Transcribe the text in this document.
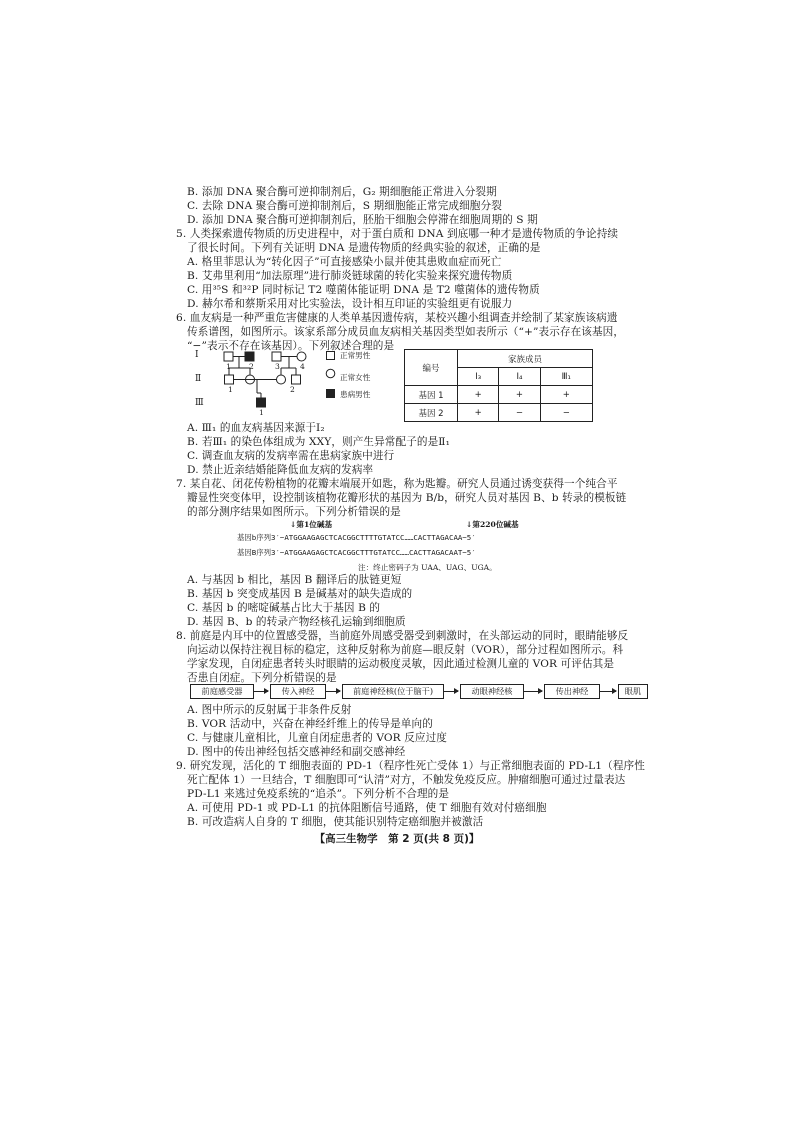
B. 添加 DNA 聚合酶可逆抑制剂后，G₂ 期细胞能正常进入分裂期
C. 去除 DNA 聚合酶可逆抑制剂后，S 期细胞能正常完成细胞分裂
D. 添加 DNA 聚合酶可逆抑制剂后，胚胎干细胞会停滞在细胞周期的 S 期
5. 人类探索遗传物质的历史进程中，对于蛋白质和 DNA 到底哪一种才是遗传物质的争论持续
了很长时间。下列有关证明 DNA 是遗传物质的经典实验的叙述，正确的是
A. 格里菲思认为“转化因子”可直接感染小鼠并使其患败血症而死亡
B. 艾弗里利用“加法原理”进行肺炎链球菌的转化实验来探究遗传物质
C. 用³⁵S 和³²P 同时标记 T2 噬菌体能证明 DNA 是 T2 噬菌体的遗传物质
D. 赫尔希和蔡斯采用对比实验法，设计相互印证的实验组更有说服力
6. 血友病是一种严重危害健康的人类单基因遗传病，某校兴趣小组调查并绘制了某家族该病遗
传系谱图，如图所示。该家系部分成员血友病相关基因类型如表所示（“+”表示存在该基因，
“−”表示不存在该基因）。下列叙述合理的是
Ⅰ
Ⅱ
Ⅲ
1 2	3	4
1	2
1
正常男性
正常女性
患病男性
编号	家族成员		
	Ⅰ₃	Ⅰ₄	Ⅲ₁
基因 1	+	+	+
基因 2	+	−	−
A. Ⅲ₁ 的血友病基因来源于Ⅰ₂
B. 若Ⅲ₁ 的染色体组成为 XXY，则产生异常配子的是Ⅱ₁
C. 调查血友病的发病率需在患病家族中进行
D. 禁止近亲结婚能降低血友病的发病率
7. 某自花、闭花传粉植物的花瓣末端展开如匙，称为匙瓣。研究人员通过诱变获得一个纯合平
瓣显性突变体甲，设控制该植物花瓣形状的基因为 B/b，研究人员对基因 B、b 转录的模板链
的部分测序结果如图所示。下列分析错误的是
↓第1位碱基	↓第220位碱基
基因b序列3′−ATGGAAGAGCTCACGGCTTTTGTATCC……CACTTAGACAA−5′
基因B序列3′−ATGGAAGAGCTCACGGCTTTGTATCC……CACTTAGACAAT−5′
注：终止密码子为 UAA、UAG、UGA。
A. 与基因 b 相比，基因 B 翻译后的肽链更短
B. 基因 b 突变成基因 B 是碱基对的缺失造成的
C. 基因 b 的嘧啶碱基占比大于基因 B 的
D. 基因 B、b 的转录产物经核孔运输到细胞质
8. 前庭是内耳中的位置感受器，当前庭外周感受器受到刺激时，在头部运动的同时，眼睛能够反
向运动以保持注视目标的稳定，这种反射称为前庭—眼反射（VOR），部分过程如图所示。科
学家发现，自闭症患者转头时眼睛的运动极度灵敏，因此通过检测儿童的 VOR 可评估其是
否患自闭症。下列分析错误的是
前庭感受器	传入神经	前庭神经核(位于脑干)	动眼神经核	传出神经	眼肌
A. 图中所示的反射属于非条件反射
B. VOR 活动中，兴奋在神经纤维上的传导是单向的
C. 与健康儿童相比，儿童自闭症患者的 VOR 反应过度
D. 图中的传出神经包括交感神经和副交感神经
9. 研究发现，活化的 T 细胞表面的 PD-1（程序性死亡受体 1）与正常细胞表面的 PD-L1（程序性
死亡配体 1）一旦结合，T 细胞即可“认清”对方，不触发免疫反应。肿瘤细胞可通过过量表达
PD-L1 来逃过免疫系统的“追杀”。下列分析不合理的是
A. 可使用 PD-1 或 PD-L1 的抗体阻断信号通路，使 T 细胞有效对付癌细胞
B. 可改造病人自身的 T 细胞，使其能识别特定癌细胞并被激活
【高三生物学　第 2 页(共 8 页)】
